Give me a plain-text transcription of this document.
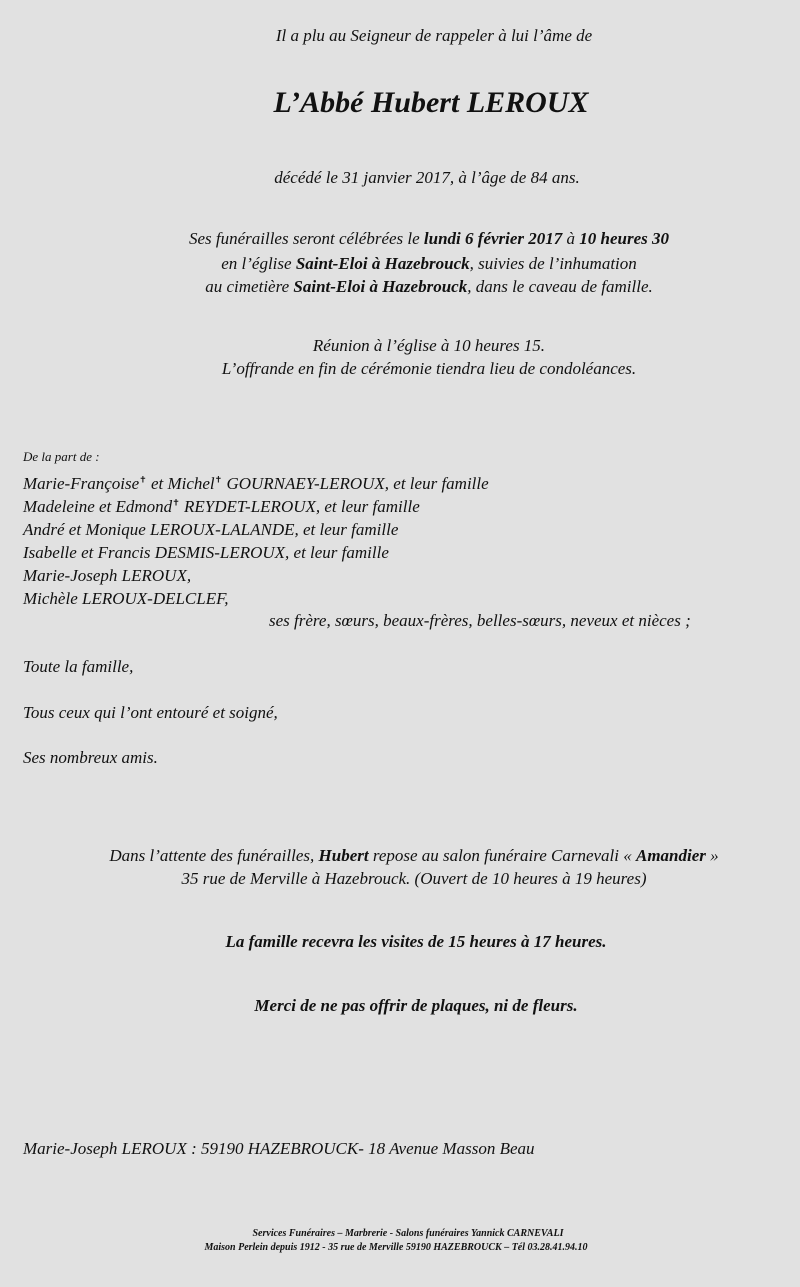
Il a plu au Seigneur de rappeler à lui l’âme de
L’Abbé Hubert LEROUX
décédé le 31 janvier 2017, à l’âge de 84 ans.
Ses funérailles seront célébrées le lundi 6 février 2017 à 10 heures 30
en l’église Saint-Eloi à Hazebrouck, suivies de l’inhumation
au cimetière Saint-Eloi à Hazebrouck, dans le caveau de famille.
Réunion à l’église à 10 heures 15.
L’offrande en fin de cérémonie tiendra lieu de condoléances.
De la part de :
Marie-Françoise✝ et Michel✝ GOURNAEY-LEROUX, et leur famille
Madeleine et Edmond✝ REYDET-LEROUX, et leur famille
André et Monique LEROUX-LALANDE, et leur famille
Isabelle et Francis DESMIS-LEROUX, et leur famille
Marie-Joseph LEROUX,
Michèle LEROUX-DELCLEF,
ses frère, sœurs, beaux-frères, belles-sœurs, neveux et nièces ;
Toute la famille,
Tous ceux qui l’ont entouré et soigné,
Ses nombreux amis.
Dans l’attente des funérailles, Hubert repose au salon funéraire Carnevali « Amandier »
35 rue de Merville à Hazebrouck. (Ouvert de 10 heures à 19 heures)
La famille recevra les visites de 15 heures à 17 heures.
Merci de ne pas offrir de plaques, ni de fleurs.
Marie-Joseph LEROUX : 59190 HAZEBROUCK- 18 Avenue Masson Beau
Services Funéraires – Marbrerie - Salons funéraires Yannick CARNEVALI
Maison Perlein depuis 1912 - 35 rue de Merville 59190 HAZEBROUCK – Tél 03.28.41.94.10
